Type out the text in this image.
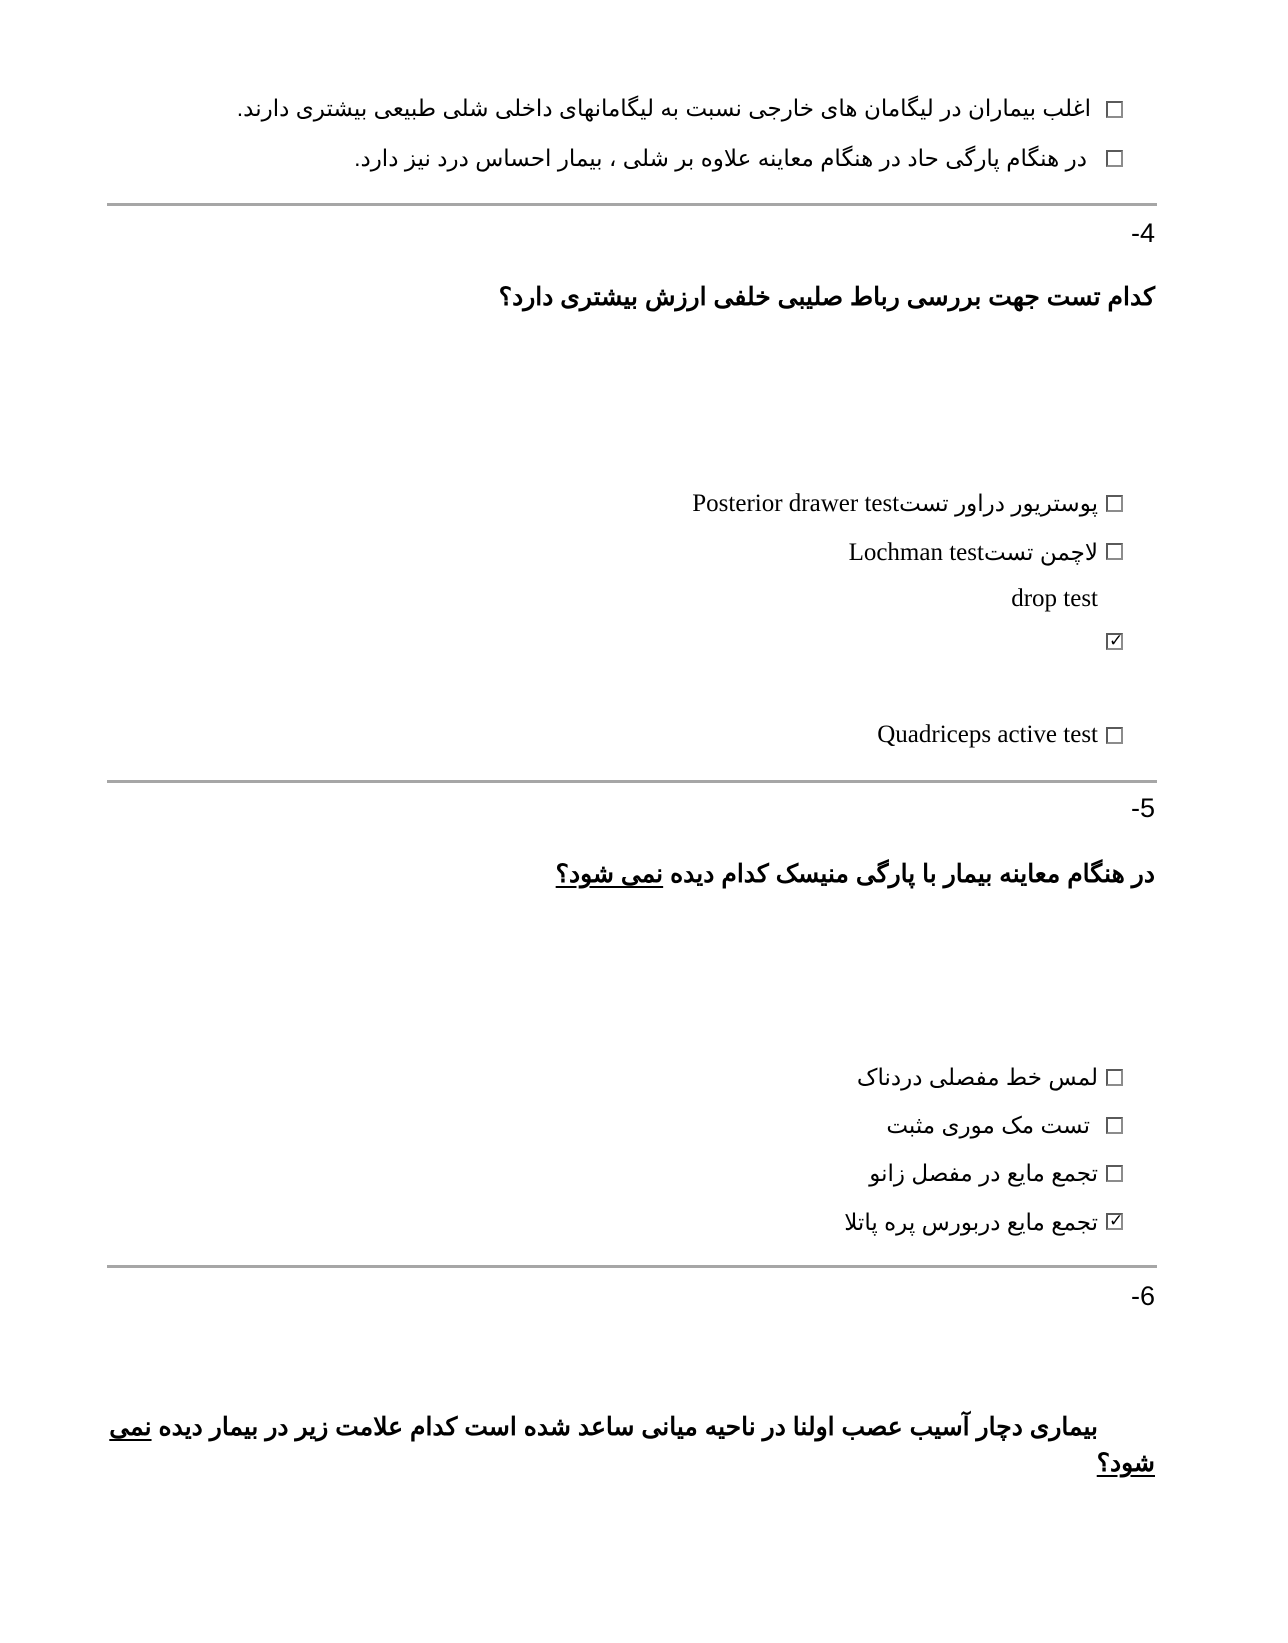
اغلب بیماران در لیگامان های خارجی نسبت به لیگامانهای داخلی شلی طبیعی بیشتری دارند.
در هنگام پارگی حاد در هنگام معاینه علاوه بر شلی ، بیمار احساس درد نیز دارد.
-4
کدام تست جهت بررسی رباط صلیبی خلفی ارزش بیشتری دارد؟
Posterior drawer testپوستریور دراور تست
Lochman testلاچمن تست
drop test
✓
Quadriceps active test
-5
در هنگام معاینه بیمار با پارگی منیسک کدام دیده نمی شود؟
لمس خط مفصلی دردناک
تست مک موری مثبت
تجمع مایع در مفصل زانو
تجمع مایع دربورس پره پاتلا ✓
-6
بیماری دچار آسیب عصب اولنا در ناحیه میانی ساعد شده است کدام علامت زیر در بیمار دیده نمی
شود؟
